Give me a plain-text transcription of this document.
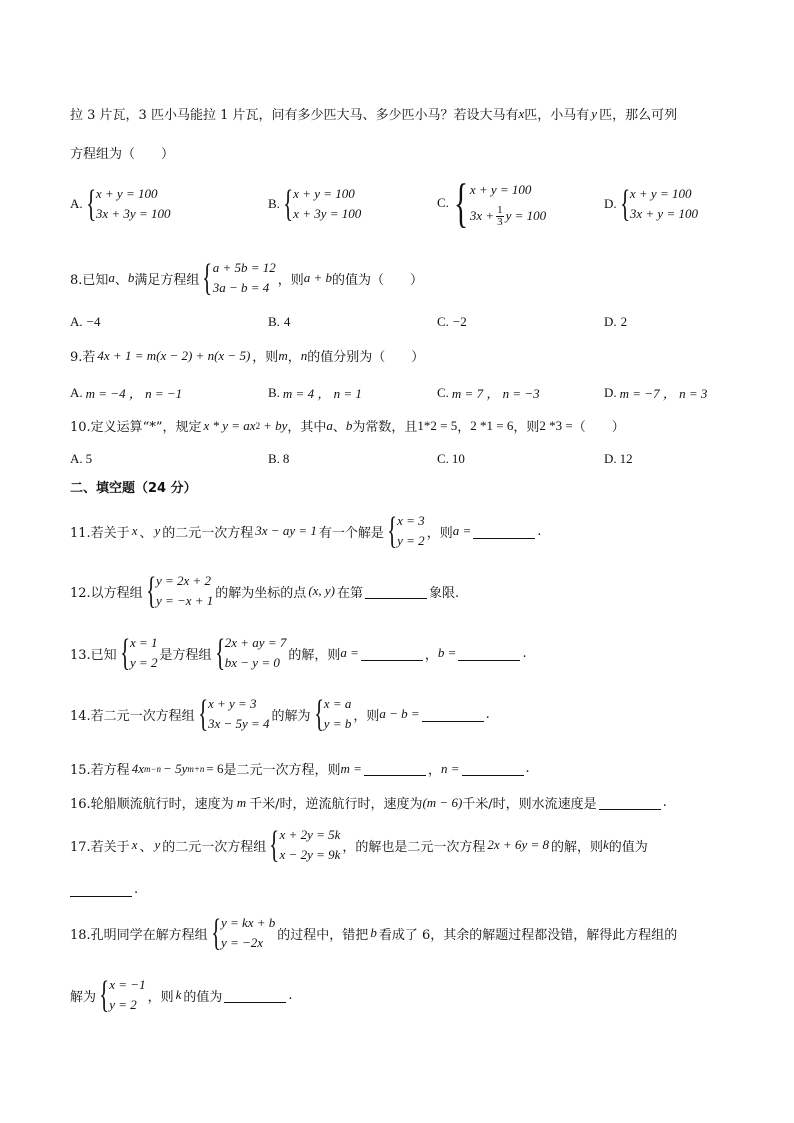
拉 3 片瓦，3 匹小马能拉 1 片瓦，问有多少匹大马、多少匹小马？若设大马有 x 匹，小马有 y 匹，那么可列
方程组为（　　）
A. { x + y = 100
3x + 3y = 100
B. { x + y = 100
x + 3y = 100
C. { x + y = 100
$3x + \frac{1}{3}$ y = 100
D. { x + y = 100
3x + y = 100
8.已知 a 、 b 满足方程组 { a + 5b = 12
3a − b = 4 ，则 a + b 的值为（　　）
A. −4	B. 4	C. −2	D. 2
9.若 4x + 1 = m(x − 2) + n(x − 5) ，则 m ， n 的值分别为（　　）
A. m = −4 ， n = −1	B. m = 4 ， n = 1	C. m = 7 ， n = −3	D. m = −7 ， n = 3
10.定义运算“*”，规定 x * y = ax 2 + by ，其中 a 、 b 为常数，且 1*2 = 5 ， 2 *1 = 6 ，则 2 *3 = （　　）
A. 5	B. 8	C. 10	D. 12
二、填空题（24 分）
11.若关于 x 、 y 的二元一次方程 3x − ay = 1 有一个解是 { x = 3
y = 2 ，则 a =	.
12.以方程组 { y = 2x + 2
y = −x + 1 的解为坐标的点 (x, y) 在第	象限.
13.已知 { x = 1
y = 2 是方程组 { 2x + ay = 7
bx − y = 0 的解，则 a =	， b =	.
14.若二元一次方程组 { x + y = 3
3x − 5y = 4 的解为 { x = a
y = b ，则 a − b =	.
15.若方程 4x m−n − 5y m+n = 6 是二元一次方程，则 m =	， n =	.
16.轮船顺流航行时，速度为 m 千米/时，逆流航行时，速度为 (m − 6) 千米/时，则水流速度是	.
17.若关于 x 、 y 的二元一次方程组 { x + 2y = 5k
x − 2y = 9k ，的解也是二元一次方程 2x + 6y = 8 的解，则 k 的值为
.
18.孔明同学在解方程组 { y = kx + b
y = −2x	的过程中，错把 b 看成了 6，其余的解题过程都没错，解得此方程组的
解为 { x = −1
y = 2 ，则 k 的值为	.
